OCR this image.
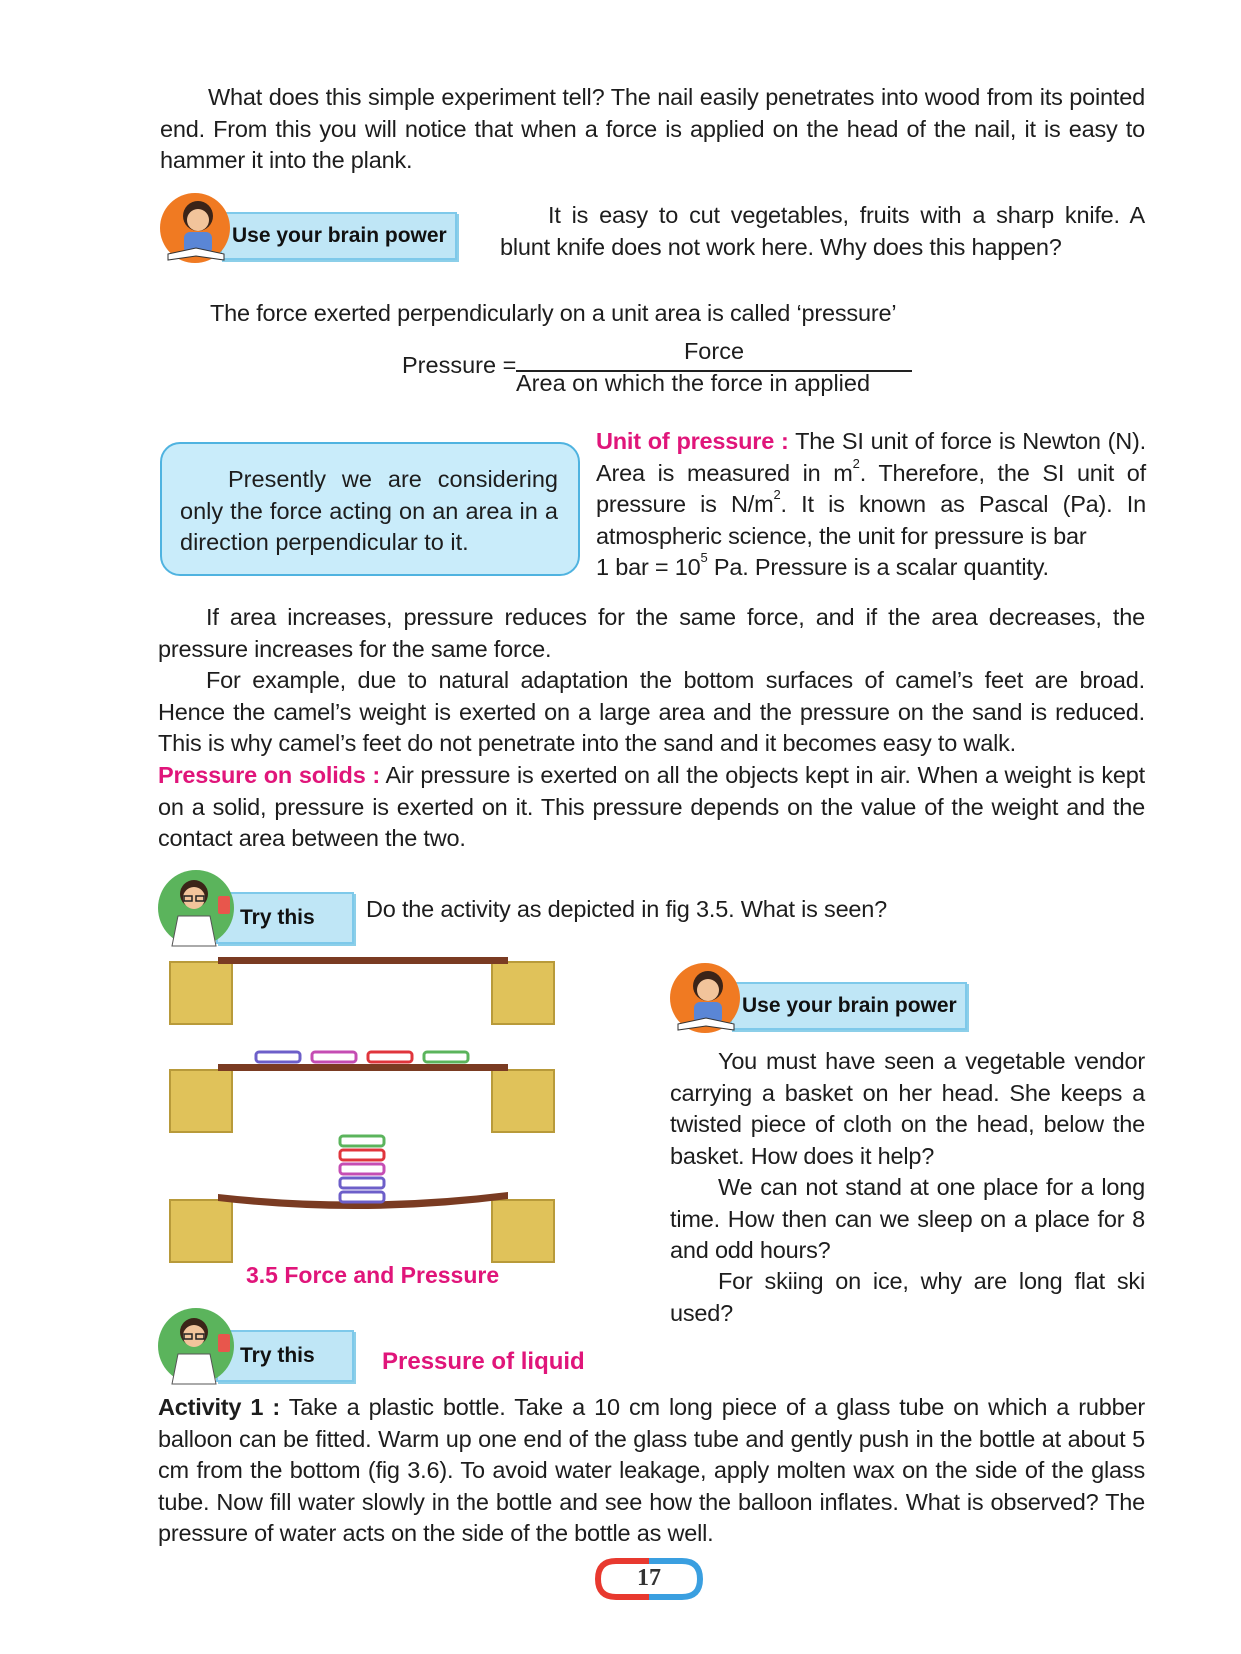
What does this simple experiment tell? The nail easily penetrates into wood from its pointed end. From this you will notice that when a force is applied on the head of the nail, it is easy to hammer it into the plank.
Use your brain power
It is easy to cut vegetables, fruits with a sharp knife. A blunt knife does not work here. Why does this happen?
The force exerted perpendicularly on a unit area is called ‘pressure’
Pressure =
Force
Area on which the force in applied
Presently we are considering only the force acting on an area in a direction perpendicular to it.
Unit of pressure : The SI unit of force is Newton (N). Area is measured in $m^2$. Therefore, the SI unit of pressure is $N/m^2$. It is known as Pascal (Pa). In atmospheric science, the unit for pressure is bar
1 bar = $10^5$ Pa. Pressure is a scalar quantity.
If area increases, pressure reduces for the same force, and if the area decreases, the pressure increases for the same force.
For example, due to natural adaptation the bottom surfaces of camel’s feet are broad. Hence the camel’s weight is exerted on a large area and the pressure on the sand is reduced. This is why camel’s feet do not penetrate into the sand and it becomes easy to walk.
Pressure on solids : Air pressure is exerted on all the objects kept in air. When a weight is kept on a solid, pressure is exerted on it. This pressure depends on the value of the weight and the contact area between the two.
Try this Do the activity as depicted in fig 3.5. What is seen?
3.5 Force and Pressure
Use your brain power
You must have seen a vegetable vendor carrying a basket on her head. She keeps a twisted piece of cloth on the head, below the basket. How does it help?
We can not stand at one place for a long time. How then can we sleep on a place for 8 and odd hours?
For skiing on ice, why are long flat ski used?
Try this	Pressure of liquid
Activity 1 : Take a plastic bottle. Take a 10 cm long piece of a glass tube on which a rubber balloon can be fitted. Warm up one end of the glass tube and gently push in the bottle at about 5 cm from the bottom (fig 3.6). To avoid water leakage, apply molten wax on the side of the glass tube. Now fill water slowly in the bottle and see how the balloon inflates. What is observed? The pressure of water acts on the side of the bottle as well.
17
